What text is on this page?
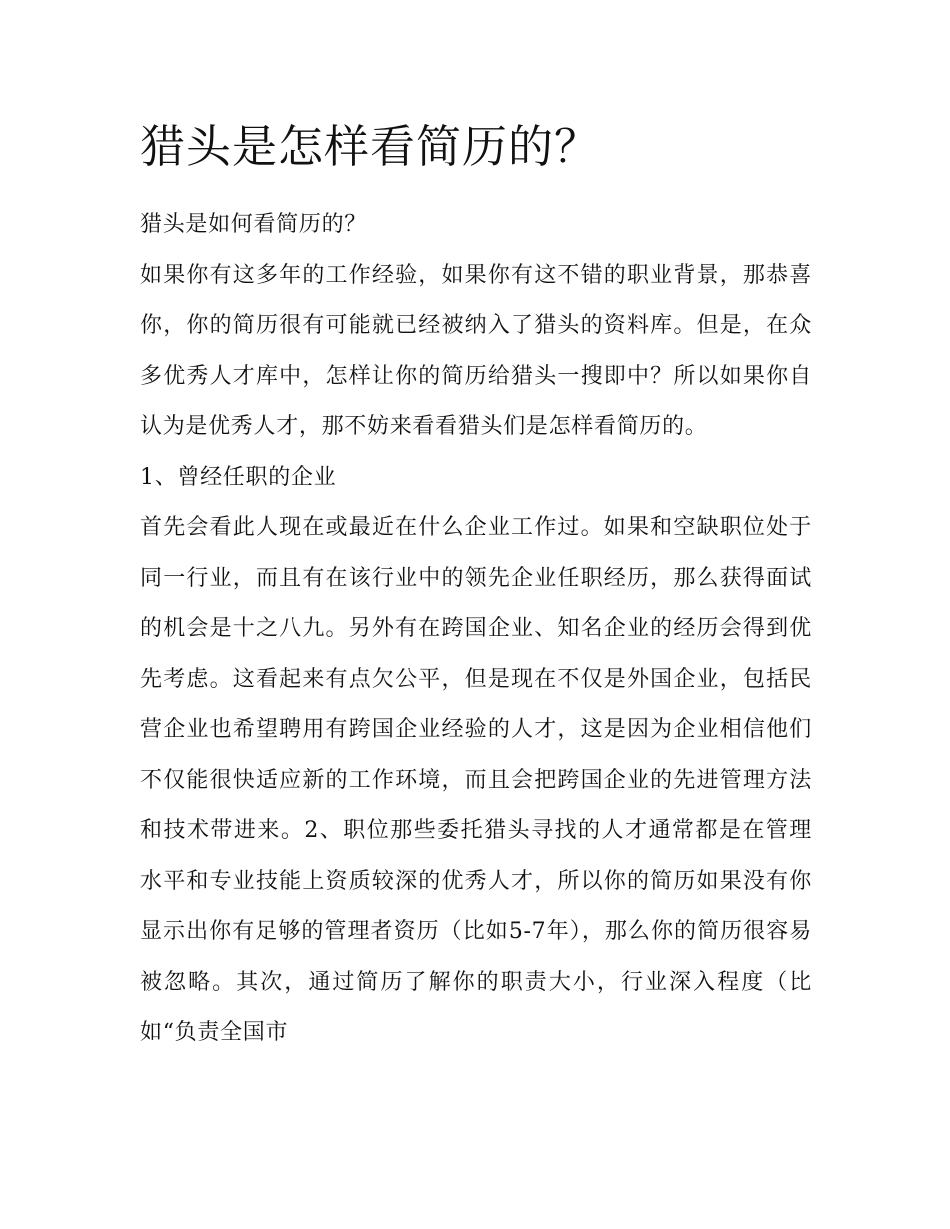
猎头是怎样看简历的？

猎头是如何看简历的？

如果你有这多年的工作经验，如果你有这不错的职业背景，那恭喜你，你的简历很有可能就已经被纳入了猎头的资料库。但是，在众多优秀人才库中，怎样让你的简历给猎头一搜即中？所以如果你自认为是优秀人才，那不妨来看看猎头们是怎样看简历的。

1、曾经任职的企业

首先会看此人现在或最近在什么企业工作过。如果和空缺职位处于同一行业，而且有在该行业中的领先企业任职经历，那么获得面试的机会是十之八九。另外有在跨国企业、知名企业的经历会得到优先考虑。这看起来有点欠公平，但是现在不仅是外国企业，包括民营企业也希望聘用有跨国企业经验的人才，这是因为企业相信他们不仅能很快适应新的工作环境，而且会把跨国企业的先进管理方法和技术带进来。2、职位那些委托猎头寻找的人才通常都是在管理水平和专业技能上资质较深的优秀人才，所以你的简历如果没有你显示出你有足够的管理者资历（比如5-7年），那么你的简历很容易被忽略。其次，通过简历了解你的职责大小，行业深入程度（比如“负责全国市
